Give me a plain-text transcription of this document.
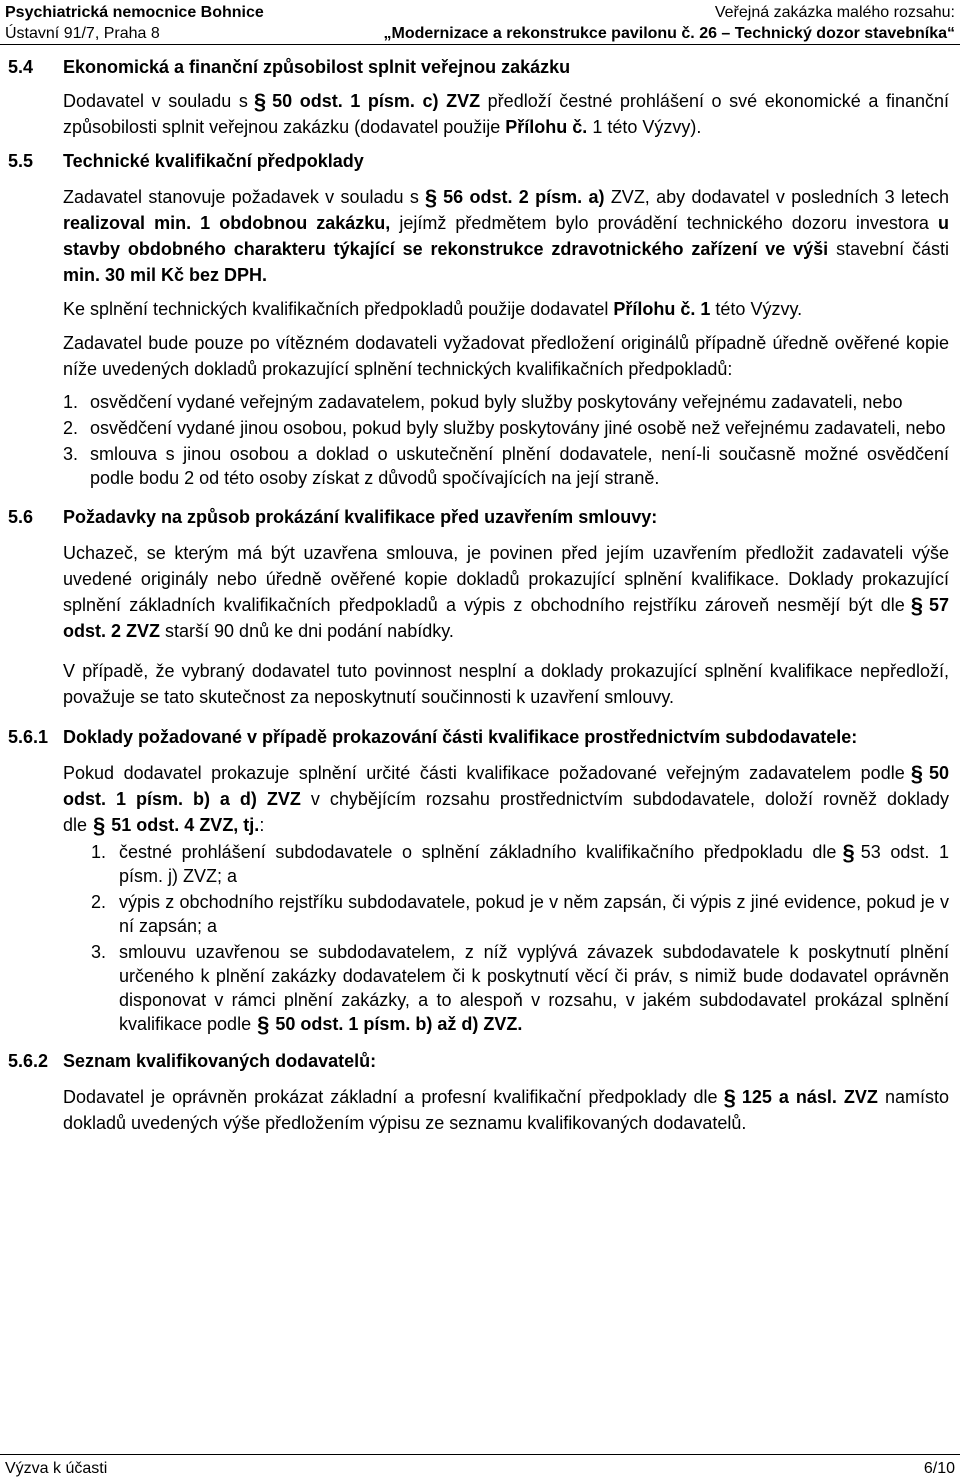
Psychiatrická nemocnice Bohnice
Ústavní 91/7, Praha 8
Veřejná zakázka malého rozsahu:
„Modernizace a rekonstrukce pavilonu č. 26 – Technický dozor stavebníka“
5.4 Ekonomická a finanční způsobilost splnit veřejnou zakázku

Dodavatel v souladu s § 50 odst. 1 písm. c) ZVZ předloží čestné prohlášení o své ekonomické a finanční způsobilosti splnit veřejnou zakázku (dodavatel použije Přílohu č. 1 této Výzvy).

5.5 Technické kvalifikační předpoklady

Zadavatel stanovuje požadavek v souladu s § 56 odst. 2 písm. a) ZVZ, aby dodavatel v posledních 3 letech realizoval min. 1 obdobnou zakázku, jejímž předmětem bylo provádění technického dozoru investora u stavby obdobného charakteru týkající se rekonstrukce zdravotnického zařízení ve výši stavební části min. 30 mil Kč bez DPH.

Ke splnění technických kvalifikačních předpokladů použije dodavatel Přílohu č. 1 této Výzvy.

Zadavatel bude pouze po vítězném dodavateli vyžadovat předložení originálů případně úředně ověřené kopie níže uvedených dokladů prokazující splnění technických kvalifikačních předpokladů:

1. osvědčení vydané veřejným zadavatelem, pokud byly služby poskytovány veřejnému zadavateli, nebo
2. osvědčení vydané jinou osobou, pokud byly služby poskytovány jiné osobě než veřejnému zadavateli, nebo
3. smlouva s jinou osobou a doklad o uskutečnění plnění dodavatele, není-li současně možné osvědčení podle bodu 2 od této osoby získat z důvodů spočívajících na její straně.
5.6 Požadavky na způsob prokázání kvalifikace před uzavřením smlouvy:

Uchazeč, se kterým má být uzavřena smlouva, je povinen před jejím uzavřením předložit zadavateli výše uvedené originály nebo úředně ověřené kopie dokladů prokazující splnění kvalifikace. Doklady prokazující splnění základních kvalifikačních předpokladů a výpis z obchodního rejstříku zároveň nesmějí být dle § 57 odst. 2 ZVZ starší 90 dnů ke dni podání nabídky.

V případě, že vybraný dodavatel tuto povinnost nesplní a doklady prokazující splnění kvalifikace nepředloží, považuje se tato skutečnost za neposkytnutí součinnosti k uzavření smlouvy.

5.6.1 Doklady požadované v případě prokazování části kvalifikace prostřednictvím subdodavatele:

Pokud dodavatel prokazuje splnění určité části kvalifikace požadované veřejným zadavatelem podle § 50 odst. 1 písm. b) a d) ZVZ v chybějícím rozsahu prostřednictvím subdodavatele, doloží rovněž doklady dle § 51 odst. 4 ZVZ, tj.:

1. čestné prohlášení subdodavatele o splnění základního kvalifikačního předpokladu dle § 53 odst. 1 písm. j) ZVZ; a
2. výpis z obchodního rejstříku subdodavatele, pokud je v něm zapsán, či výpis z jiné evidence, pokud je v ní zapsán; a
3. smlouvu uzavřenou se subdodavatelem, z níž vyplývá závazek subdodavatele k poskytnutí plnění určeného k plnění zakázky dodavatelem či k poskytnutí věcí či práv, s nimiž bude dodavatel oprávněn disponovat v rámci plnění zakázky, a to alespoň v rozsahu, v jakém subdodavatel prokázal splnění kvalifikace podle § 50 odst. 1 písm. b) až d) ZVZ.
5.6.2 Seznam kvalifikovaných dodavatelů:

Dodavatel je oprávněn prokázat základní a profesní kvalifikační předpoklady dle § 125 a násl. ZVZ namísto dokladů uvedených výše předložením výpisu ze seznamu kvalifikovaných dodavatelů.

Výzva k účasti	6/10
